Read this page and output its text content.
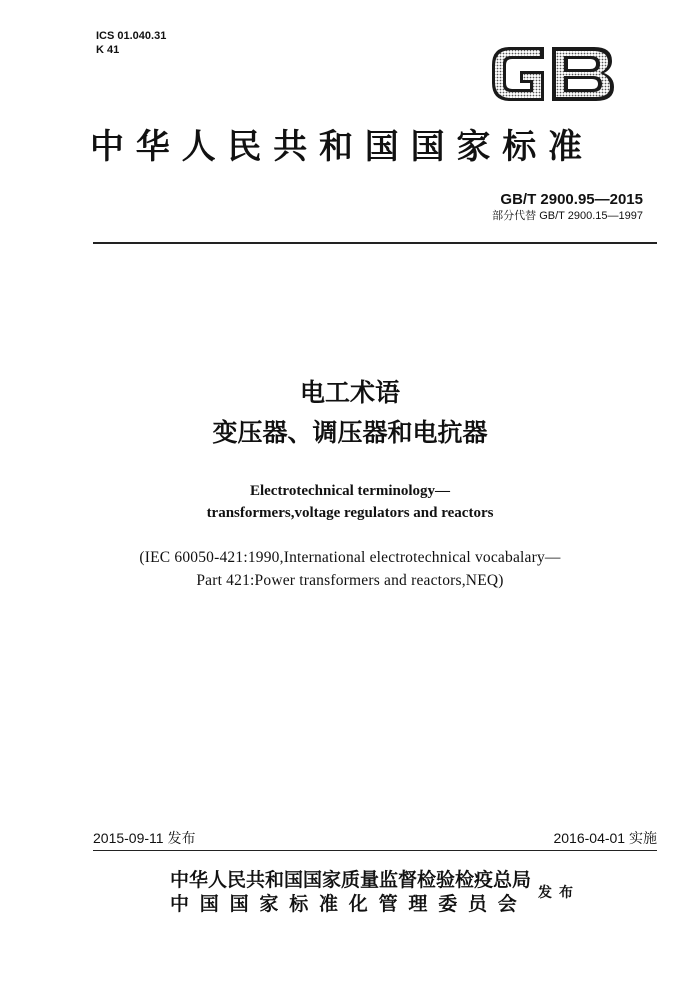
ICS 01.040.31
K 41
中华人民共和国国家标准
GB/T 2900.95—2015
部分代替 GB/T 2900.15—1997
电工术语
变压器、调压器和电抗器
Electrotechnical terminology—
transformers,voltage regulators and reactors
(IEC 60050-421:1990,International electrotechnical vocabalary—
Part 421:Power transformers and reactors,NEQ)
2015-09-11 发布	2016-04-01 实施
中华人民共和国国家质量监督检验检疫总局
中国国家标准化管理委员会 发布
